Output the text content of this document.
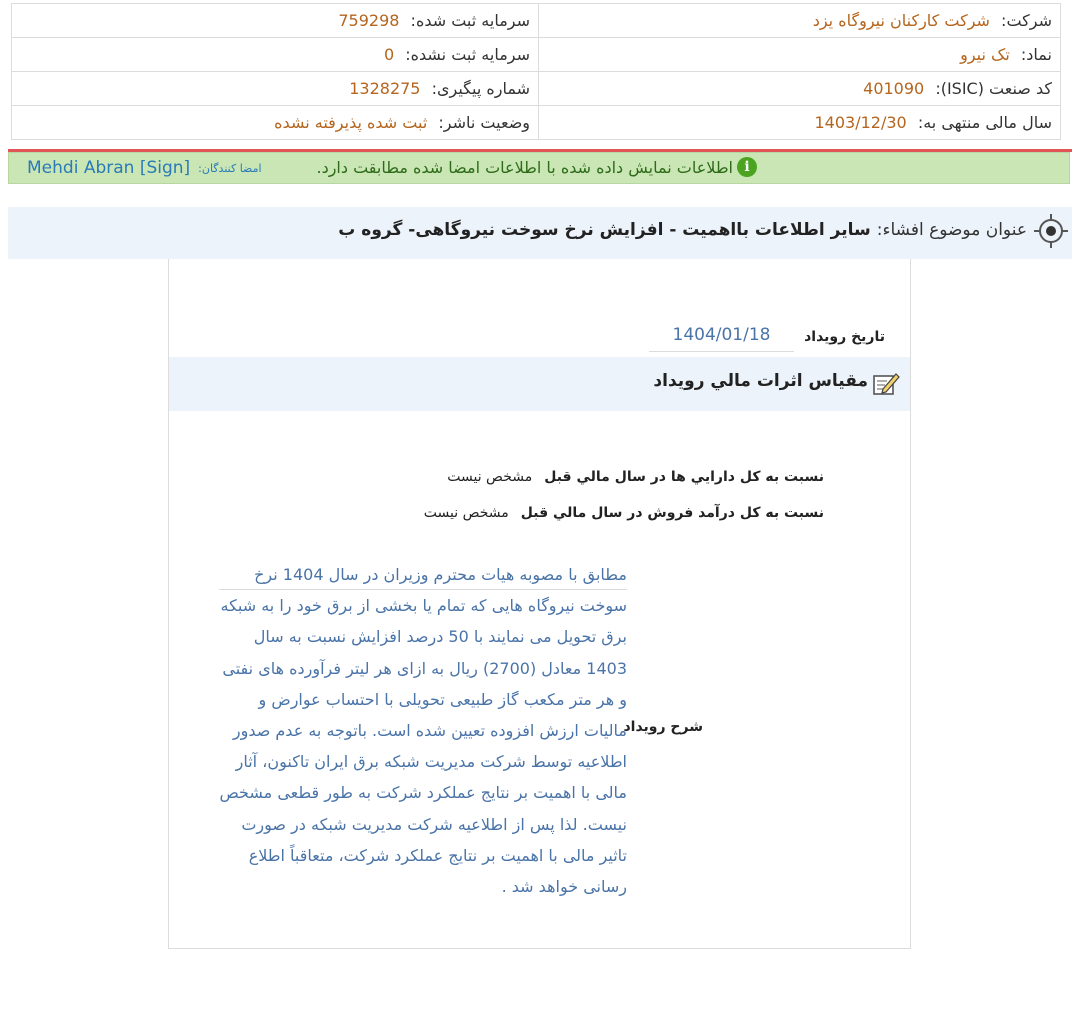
شرکت: شرکت کارکنان نیروگاه یزد	سرمایه ثبت شده: 759298
نماد: تک نیرو	سرمایه ثبت نشده: 0
کد صنعت (ISIC): 401090	شماره پیگیری: 1328275
سال مالی منتهی به: 1403/12/30	وضعیت ناشر: ثبت شده پذیرفته نشده
i
اطلاعات نمایش داده شده با اطلاعات امضا شده مطابقت دارد.
امضا کنندگان:
Mehdi Abran [Sign]
عنوان موضوع افشاء:
سایر اطلاعات بااهمیت - افزایش نرخ سوخت نیروگاهی- گروه ب
تاریخ رویداد
1404/01/18
مقياس اثرات مالي رويداد
نسبت به کل دارايي ها در سال مالي قبل
مشخص نيست
نسبت به کل درآمد فروش در سال مالي قبل
مشخص نيست
شرح رويداد
مطابق با مصوبه هیات محترم وزیران در سال 1404 نرخ سوخت نیروگاه هایی که تمام یا بخشی از برق خود را به شبکه برق تحویل می نمایند با 50 درصد افزایش نسبت به سال 1403 معادل (2700) ریال به ازای هر لیتر فرآورده های نفتی و هر متر مکعب گاز طبیعی تحویلی با احتساب عوارض و مالیات ارزش افزوده تعیین شده است. باتوجه به عدم صدور اطلاعیه توسط شرکت مدیریت شبکه برق ایران تاکنون، آثار مالی با اهمیت بر نتایج عملکرد شرکت به طور قطعی مشخص نیست. لذا پس از اطلاعیه شرکت مدیریت شبکه در صورت تاثیر مالی با اهمیت بر نتایج عملکرد شرکت، متعاقباً اطلاع رسانی خواهد شد .
